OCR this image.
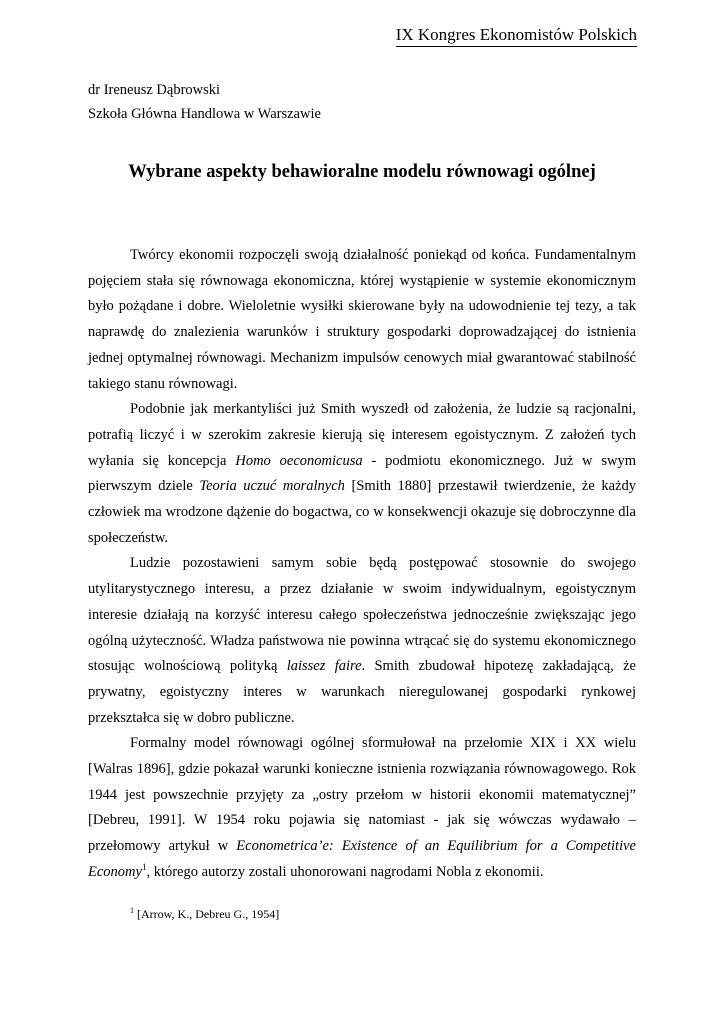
IX Kongres Ekonomistów Polskich
dr Ireneusz Dąbrowski
Szkoła Główna Handlowa w Warszawie
Wybrane aspekty behawioralne modelu równowagi ogólnej

Twórcy ekonomii rozpoczęli swoją działalność poniekąd od końca. Fundamentalnym pojęciem stała się równowaga ekonomiczna, której wystąpienie w systemie ekonomicznym było pożądane i dobre. Wieloletnie wysiłki skierowane były na udowodnienie tej tezy, a tak naprawdę do znalezienia warunków i struktury gospodarki doprowadzającej do istnienia jednej optymalnej równowagi. Mechanizm impulsów cenowych miał gwarantować stabilność takiego stanu równowagi.

Podobnie jak merkantyliści już Smith wyszedł od założenia, że ludzie są racjonalni, potrafią liczyć i w szerokim zakresie kierują się interesem egoistycznym. Z założeń tych wyłania się koncepcja Homo oeconomicusa - podmiotu ekonomicznego. Już w swym pierwszym dziele Teoria uczuć moralnych [Smith 1880] przestawił twierdzenie, że każdy człowiek ma wrodzone dążenie do bogactwa, co w konsekwencji okazuje się dobroczynne dla społeczeństw.

Ludzie pozostawieni samym sobie będą postępować stosownie do swojego utylitarystycznego interesu, a przez działanie w swoim indywidualnym, egoistycznym interesie działają na korzyść interesu całego społeczeństwa jednocześnie zwiększając jego ogólną użyteczność. Władza państwowa nie powinna wtrącać się do systemu ekonomicznego stosując wolnościową polityką laissez faire. Smith zbudował hipotezę zakładającą, że prywatny, egoistyczny interes w warunkach nieregulowanej gospodarki rynkowej przekształca się w dobro publiczne.

Formalny model równowagi ogólnej sformułował na przełomie XIX i XX wielu [Walras 1896], gdzie pokazał warunki konieczne istnienia rozwiązania równowagowego. Rok 1944 jest powszechnie przyjęty za „ostry przełom w historii ekonomii matematycznej” [Debreu, 1991]. W 1954 roku pojawia się natomiast - jak się wówczas wydawało – przełomowy artykuł w Econometrica’e: Existence of an Equilibrium for a Competitive Economy$^1$, którego autorzy zostali uhonorowani nagrodami Nobla z ekonomii.

$^1$ [Arrow, K., Debreu G., 1954]
